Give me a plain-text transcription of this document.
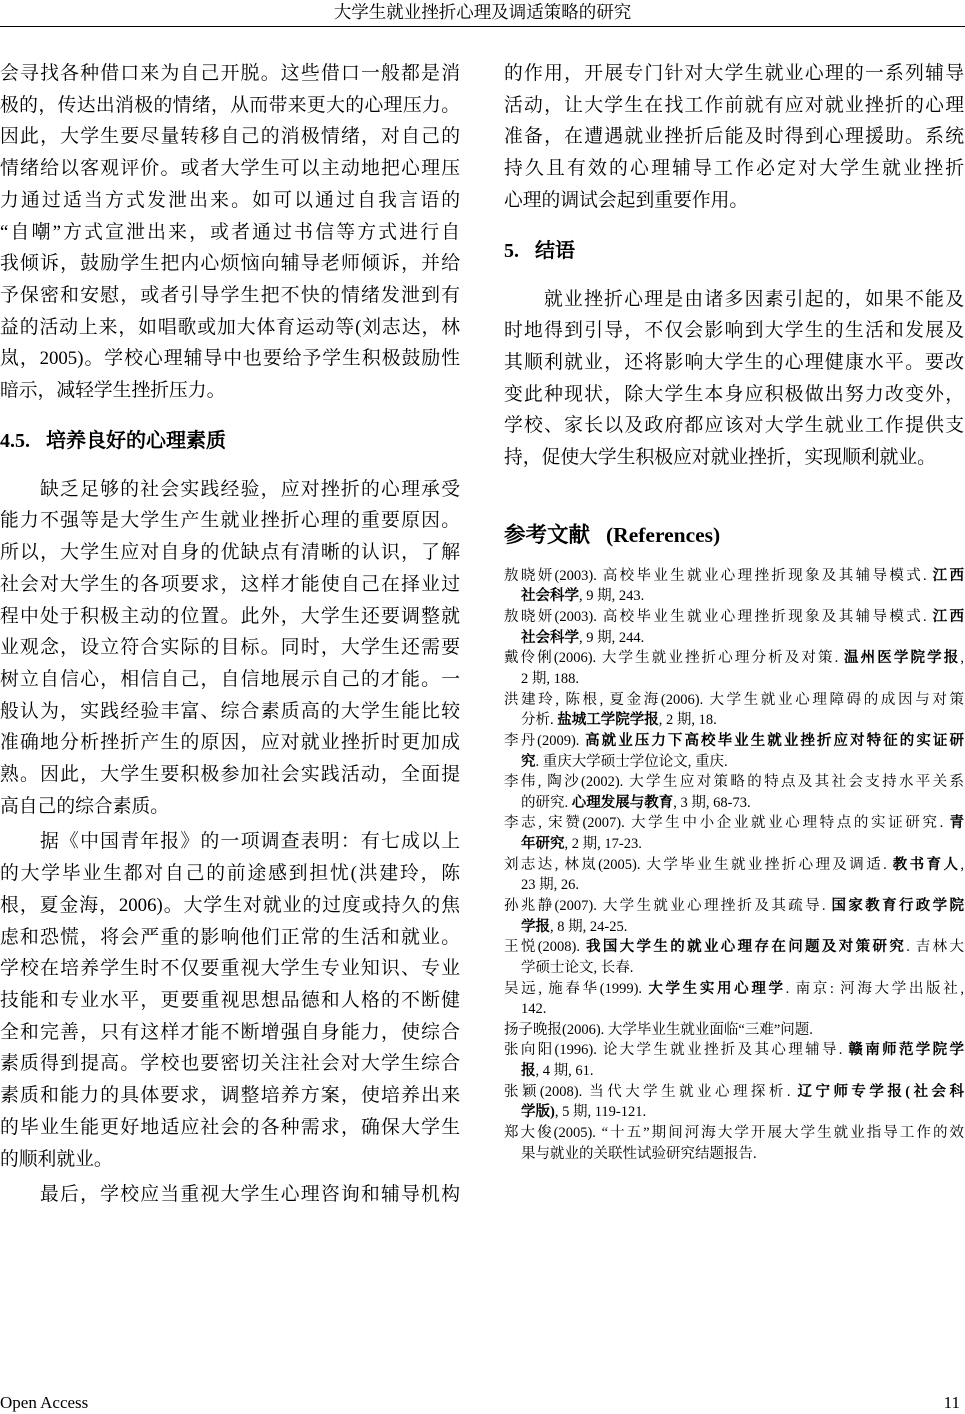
大学生就业挫折心理及调适策略的研究
会寻找各种借口来为自己开脱。这些借口一般都是消
极的，传达出消极的情绪，从而带来更大的心理压力。
因此，大学生要尽量转移自己的消极情绪，对自己的
情绪给以客观评价。或者大学生可以主动地把心理压
力通过适当方式发泄出来。如可以通过自我言语的
“自嘲”方式宣泄出来，或者通过书信等方式进行自
我倾诉，鼓励学生把内心烦恼向辅导老师倾诉，并给
予保密和安慰，或者引导学生把不快的情绪发泄到有
益的活动上来，如唱歌或加大体育运动等(刘志达，林
岚，2005)。学校心理辅导中也要给予学生积极鼓励性
暗示，减轻学生挫折压力。
4.5. 培养良好的心理素质
缺乏足够的社会实践经验，应对挫折的心理承受
能力不强等是大学生产生就业挫折心理的重要原因。
所以，大学生应对自身的优缺点有清晰的认识，了解
社会对大学生的各项要求，这样才能使自己在择业过
程中处于积极主动的位置。此外，大学生还要调整就
业观念，设立符合实际的目标。同时，大学生还需要
树立自信心，相信自己，自信地展示自己的才能。一
般认为，实践经验丰富、综合素质高的大学生能比较
准确地分析挫折产生的原因，应对就业挫折时更加成
熟。因此，大学生要积极参加社会实践活动，全面提
高自己的综合素质。
据《中国青年报》的一项调查表明：有七成以上
的大学毕业生都对自己的前途感到担忧(洪建玲，陈
根，夏金海，2006)。大学生对就业的过度或持久的焦
虑和恐慌，将会严重的影响他们正常的生活和就业。
学校在培养学生时不仅要重视大学生专业知识、专业
技能和专业水平，更要重视思想品德和人格的不断健
全和完善，只有这样才能不断增强自身能力，使综合
素质得到提高。学校也要密切关注社会对大学生综合
素质和能力的具体要求，调整培养方案，使培养出来
的毕业生能更好地适应社会的各种需求，确保大学生
的顺利就业。
最后，学校应当重视大学生心理咨询和辅导机构
的作用，开展专门针对大学生就业心理的一系列辅导
活动，让大学生在找工作前就有应对就业挫折的心理
准备，在遭遇就业挫折后能及时得到心理援助。系统
持久且有效的心理辅导工作必定对大学生就业挫折
心理的调试会起到重要作用。
5. 结语
就业挫折心理是由诸多因素引起的，如果不能及
时地得到引导，不仅会影响到大学生的生活和发展及
其顺利就业，还将影响大学生的心理健康水平。要改
变此种现状，除大学生本身应积极做出努力改变外，
学校、家长以及政府都应该对大学生就业工作提供支
持，促使大学生积极应对就业挫折，实现顺利就业。
参考文献 (References)
敖晓妍(2003). 高校毕业生就业心理挫折现象及其辅导模式. 江西
社会科学, 9 期, 243.
敖晓妍(2003). 高校毕业生就业心理挫折现象及其辅导模式. 江西
社会科学, 9 期, 244.
戴伶俐(2006). 大学生就业挫折心理分析及对策. 温州医学院学报,
2 期, 188.
洪建玲, 陈根, 夏金海(2006). 大学生就业心理障碍的成因与对策
分析. 盐城工学院学报, 2 期, 18.
李丹(2009). 高就业压力下高校毕业生就业挫折应对特征的实证研
究. 重庆大学硕士学位论文, 重庆.
李伟, 陶沙(2002). 大学生应对策略的特点及其社会支持水平关系
的研究. 心理发展与教育, 3 期, 68-73.
李志, 宋赞(2007). 大学生中小企业就业心理特点的实证研究. 青
年研究, 2 期, 17-23.
刘志达, 林岚(2005). 大学毕业生就业挫折心理及调适. 教书育人,
23 期, 26.
孙兆静(2007). 大学生就业心理挫折及其疏导. 国家教育行政学院
学报, 8 期, 24-25.
王悦(2008). 我国大学生的就业心理存在问题及对策研究. 吉林大
学硕士论文, 长春.
吴远, 施春华(1999). 大学生实用心理学. 南京: 河海大学出版社,
142.
扬子晚报(2006). 大学毕业生就业面临“三难”问题.
张向阳(1996). 论大学生就业挫折及其心理辅导. 赣南师范学院学
报, 4 期, 61.
张颖(2008). 当代大学生就业心理探析. 辽宁师专学报(社会科
学版), 5 期, 119-121.
郑大俊(2005). “十五”期间河海大学开展大学生就业指导工作的效
果与就业的关联性试验研究结题报告.
Open Access	11
